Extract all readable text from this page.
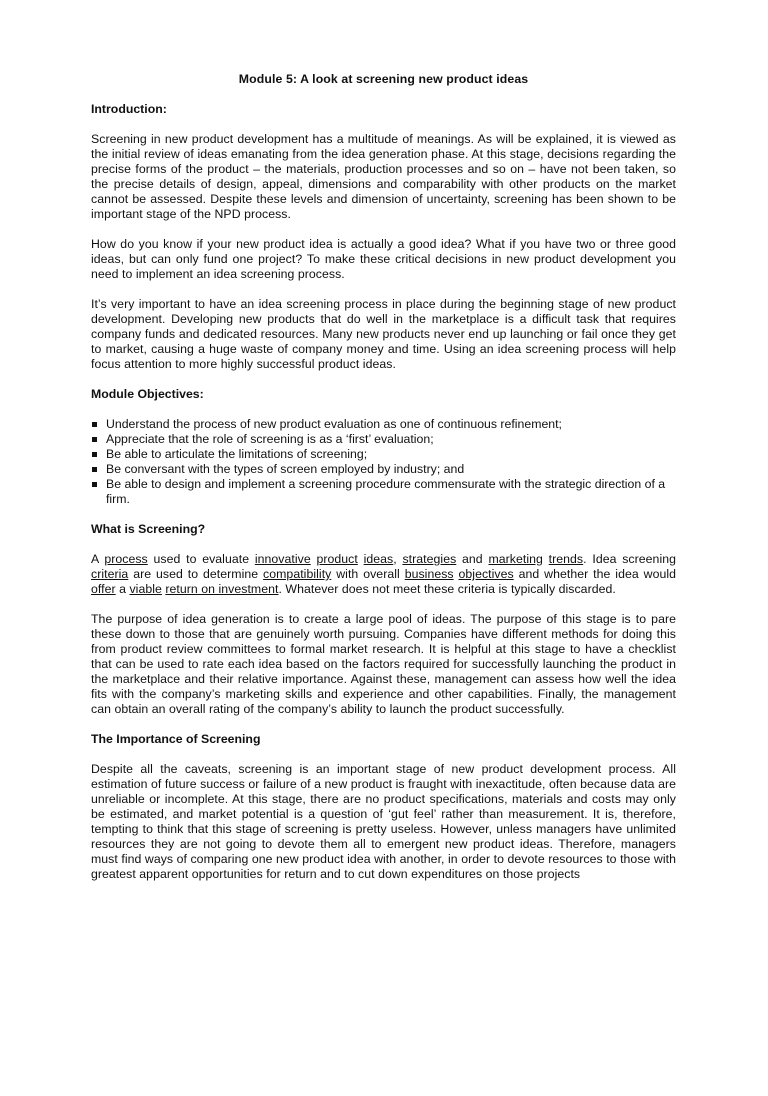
Module 5: A look at screening new product ideas
Introduction:

Screening in new product development has a multitude of meanings. As will be explained, it is viewed as the initial review of ideas emanating from the idea generation phase. At this stage, decisions regarding the precise forms of the product – the materials, production processes and so on – have not been taken, so the precise details of design, appeal, dimensions and comparability with other products on the market cannot be assessed. Despite these levels and dimension of uncertainty, screening has been shown to be important stage of the NPD process.

How do you know if your new product idea is actually a good idea? What if you have two or three good ideas, but can only fund one project? To make these critical decisions in new product development you need to implement an idea screening process.

It’s very important to have an idea screening process in place during the beginning stage of new product development. Developing new products that do well in the marketplace is a difficult task that requires company funds and dedicated resources. Many new products never end up launching or fail once they get to market, causing a huge waste of company money and time. Using an idea screening process will help focus attention to more highly successful product ideas.

Module Objectives:
Understand the process of new product evaluation as one of continuous refinement;
Appreciate that the role of screening is as a ‘first’ evaluation;
Be able to articulate the limitations of screening;
Be conversant with the types of screen employed by industry; and
Be able to design and implement a screening procedure commensurate with the strategic direction of a firm.
What is Screening?

A process used to evaluate innovative product ideas, strategies and marketing trends. Idea screening criteria are used to determine compatibility with overall business objectives and whether the idea would offer a viable return on investment. Whatever does not meet these criteria is typically discarded.

The purpose of idea generation is to create a large pool of ideas. The purpose of this stage is to pare these down to those that are genuinely worth pursuing. Companies have different methods for doing this from product review committees to formal market research. It is helpful at this stage to have a checklist that can be used to rate each idea based on the factors required for successfully launching the product in the marketplace and their relative importance. Against these, management can assess how well the idea fits with the company’s marketing skills and experience and other capabilities. Finally, the management can obtain an overall rating of the company’s ability to launch the product successfully.

The Importance of Screening

Despite all the caveats, screening is an important stage of new product development process. All estimation of future success or failure of a new product is fraught with inexactitude, often because data are unreliable or incomplete. At this stage, there are no product specifications, materials and costs may only be estimated, and market potential is a question of ‘gut feel’ rather than measurement. It is, therefore, tempting to think that this stage of screening is pretty useless. However, unless managers have unlimited resources they are not going to devote them all to emergent new product ideas. Therefore, managers must find ways of comparing one new product idea with another, in order to devote resources to those with greatest apparent opportunities for return and to cut down expenditures on those projects
